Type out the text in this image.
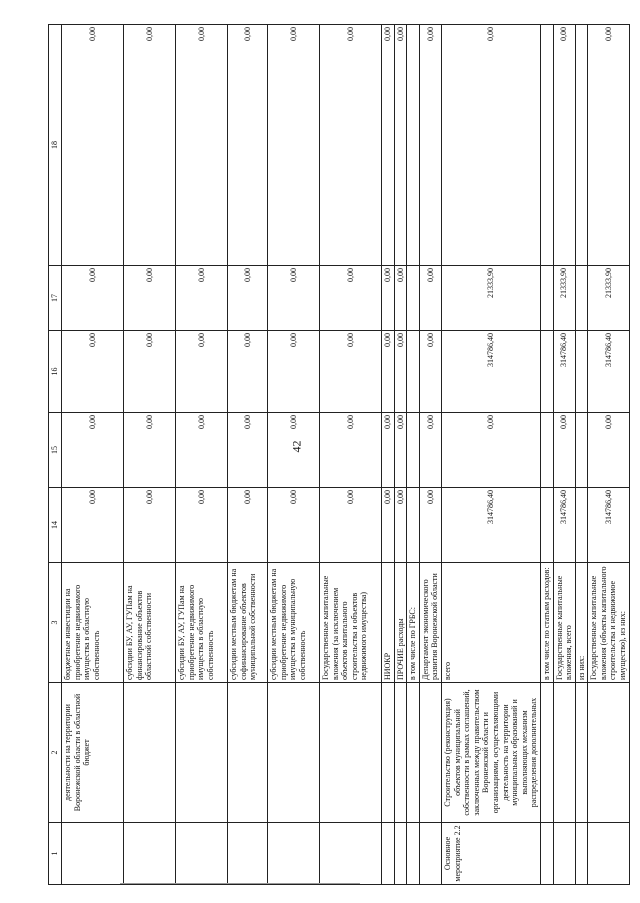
42
1	2	3	14	15	16	17	18
	деятельности на территории Воронежской области в областной бюджет	бюджетные инвестиции на приобретение недвижимого имущества в областную собственность	0,00	0,00	0,00	0,00	0,00
		субсидии БУ, АУ, ГУПам на финансирование объектов областной собственности	0,00	0,00	0,00	0,00	0,00
		субсидии БУ, АУ, ГУПам на приобретение недвижимого имущества в областную собственность	0,00	0,00	0,00	0,00	0,00
		субсидии местным бюджетам на софинансирование объектов муниципальной собственности	0,00	0,00	0,00	0,00	0,00
		субсидии местным бюджетам на приобретение недвижимого имущества в муниципальную собственность	0,00	0,00	0,00	0,00	0,00
		Государственные капитальные вложения (за исключением объектов капитального строительства и объектов недвижимого имущества)	0,00	0,00	0,00	0,00	0,00
		НИОКР	0,00	0,00	0,00	0,00	0,00
		ПРОЧИЕ расходы	0,00	0,00	0,00	0,00	0,00
		в том числе по ГРБС:					
		Департамент экономического развития Воронежской области	0,00	0,00	0,00	0,00	0,00
Основное мероприятие 2.2	Строительство (реконструкция) объектов муниципальной собственности в рамках соглашений, заключенных между правительством Воронежской области и организациями, осуществляющими деятельность на территории муниципальных образований и выполняющих механизм распределения дополнительных	всего	314786,40	0,00	314786,40	21333,90	0,00
		в том числе по статьям расходов:					
		Государственные капитальные вложения, всего	314786,40	0,00	314786,40	21333,90	0,00
		из них:					
		Государственные капитальные вложения (объекты капитального строительства и недвижимое имущество), из них:	314786,40	0,00	314786,40	21333,90	0,00
